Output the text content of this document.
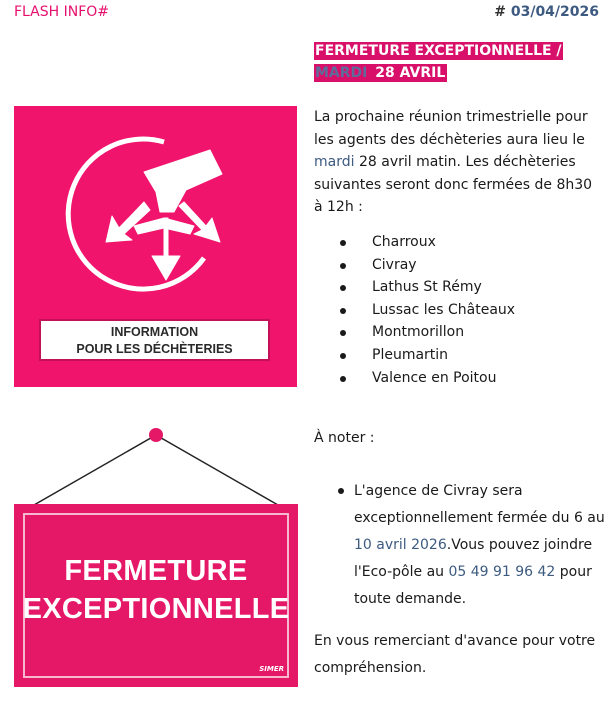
FLASH INFO#	# 03/04/2026
INFORMATION
POUR LES DÉCHÈTERIES
FERMETURE
EXCEPTIONNELLE
SIMER
FERMETURE EXCEPTIONNELLE /
MARDI 28 AVRIL
La prochaine réunion trimestrielle pour les agents des déchèteries aura lieu le mardi 28 avril matin. Les déchèteries suivantes seront donc fermées de 8h30 à 12h :
Charroux
Civray
Lathus St Rémy
Lussac les Châteaux
Montmorillon
Pleumartin
Valence en Poitou
À noter :
L'agence de Civray sera exceptionnellement fermée du 6 au 10 avril 2026.Vous pouvez joindre l'Eco-pôle au 05 49 91 96 42 pour toute demande.
En vous remerciant d'avance pour votre compréhension.
